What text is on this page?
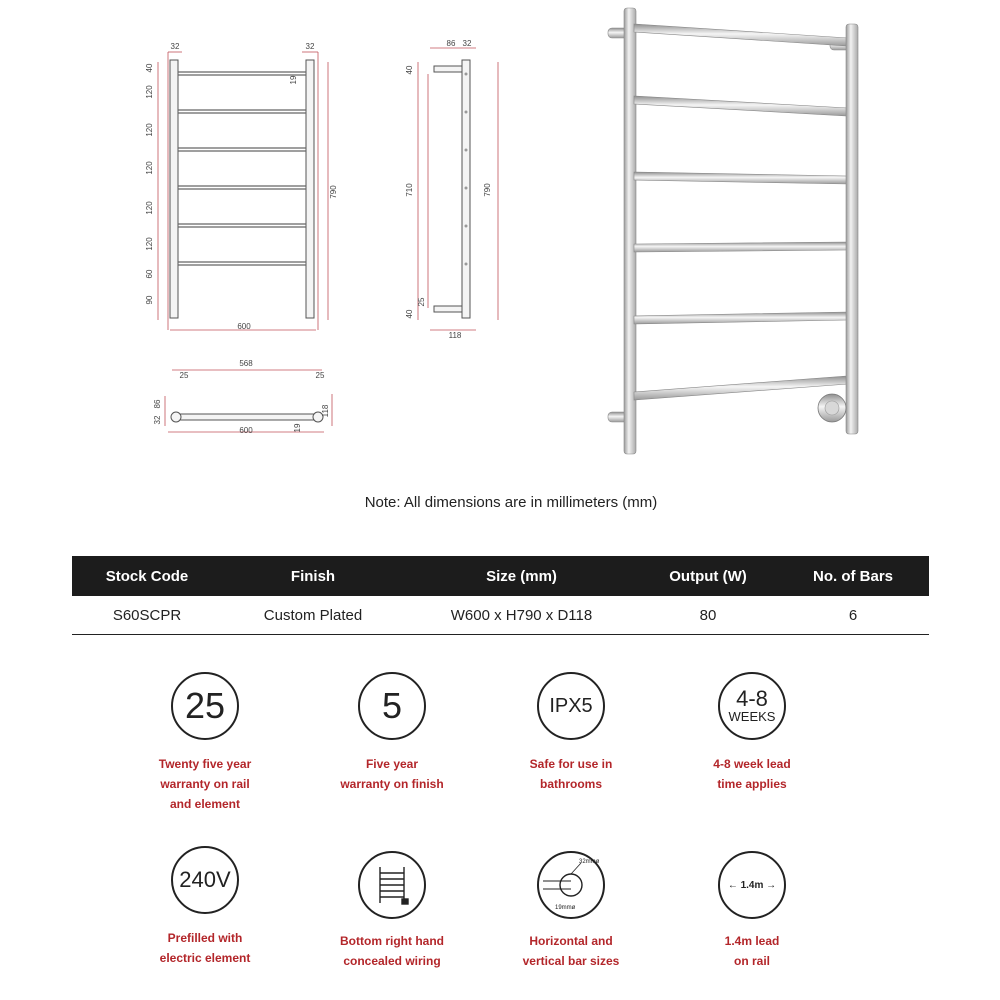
32	32
40
120
120
120
120
120
60
90
19
790
600
86 32
40
710	790
40
25
118
568
25	25
86
32
118
600	19
Note: All dimensions are in millimeters (mm)
Stock Code	Finish	Size (mm)	Output (W)	No. of Bars
S60SCPR	Custom Plated	W600 x H790 x D118	80	6
25
Twenty five year
warranty on rail
and element
5
Five year
warranty on finish
IPX5
Safe for use in
bathrooms
4-8
WEEKS
4-8 week lead
time applies
240V
Prefilled with
electric element
Bottom right hand
concealed wiring
32mmø
19mmø
Horizontal and
vertical bar sizes
← 1.4m →
1.4m lead
on rail
